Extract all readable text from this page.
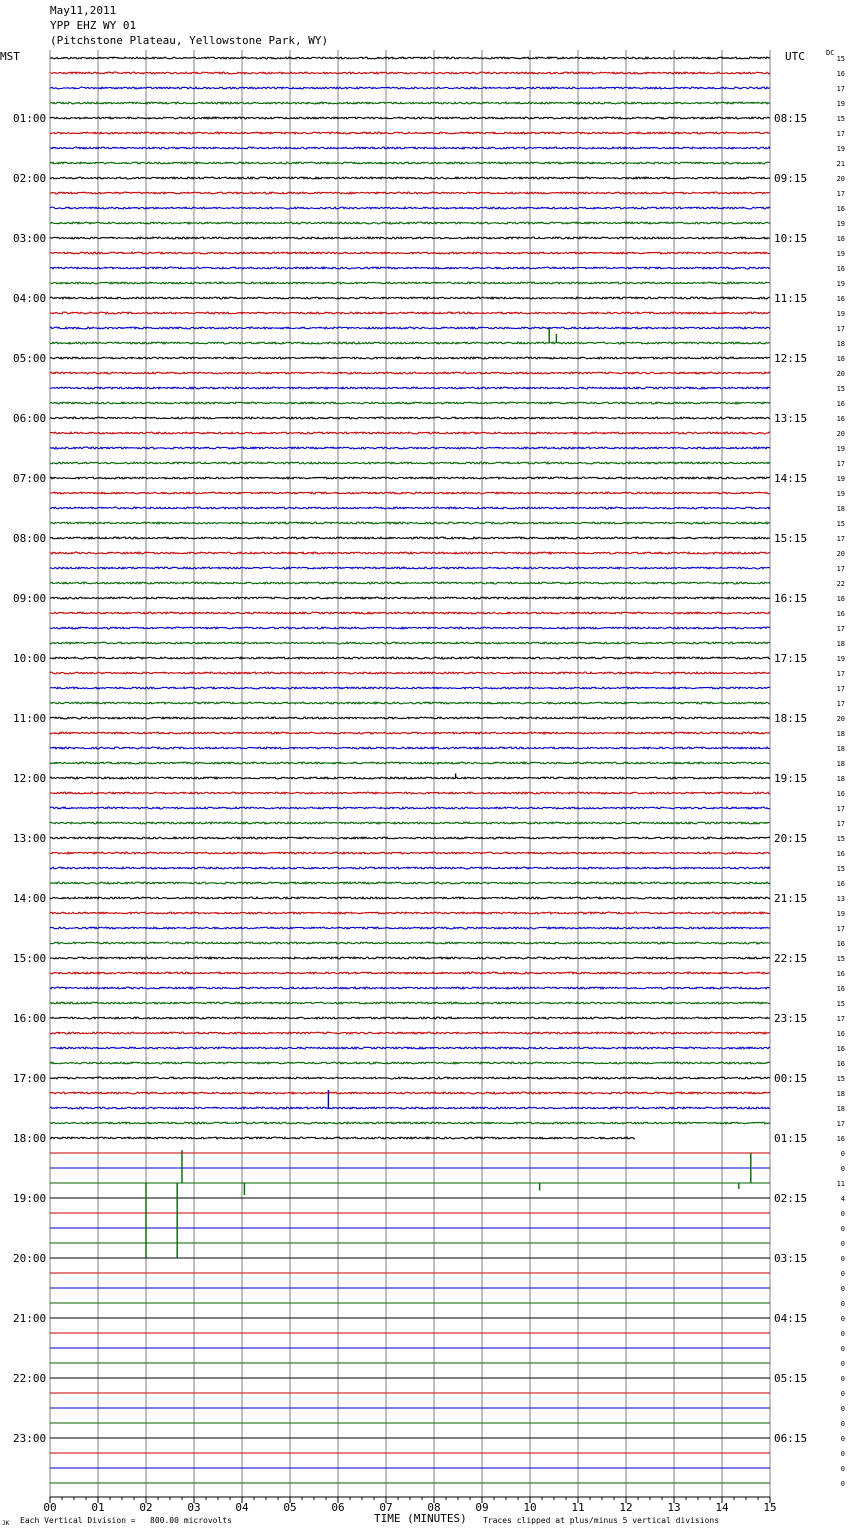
May11,2011
YPP EHZ WY 01
(Pitchstone Plateau, Yellowstone Park, WY)
01:00
02:00
03:00
04:00
05:00
06:00
07:00
08:00
09:00
10:00
11:00
12:00
13:00
14:00
15:00
16:00
17:00
18:00
19:00
20:00
21:00
22:00
23:00
08:15
09:15
10:15
11:15
12:15
13:15
14:15
15:15
16:15
17:15
18:15
19:15
20:15
21:15
22:15
23:15
00:15
01:15
02:15
03:15
04:15
05:15
06:15
15
16
17
19
15
17
19
21
20
17
16
19
16
19
16
19
16
19
17
18
16
20
15
16
16
20
19
17
19
19
18
15
17
20
17
22
16
16
17
18
19
17
17
17
20
18
18
18
18
16
17
17
15
16
15
16
13
19
17
16
15
16
16
15
17
16
16
16
15
18
18
17
16
0
0
11
4
0
0
0
0
0
0
0
0
0
0
0
0
0
0
0
0
0
0
0
00	01	02	03	04	05	06	07	08	09	10	11	12	13	14	15
MST	UTC	DC
JK Each Vertical Division =   800.00 microvolts	TIME (MINUTES) Traces clipped at plus/minus 5 vertical divisions
